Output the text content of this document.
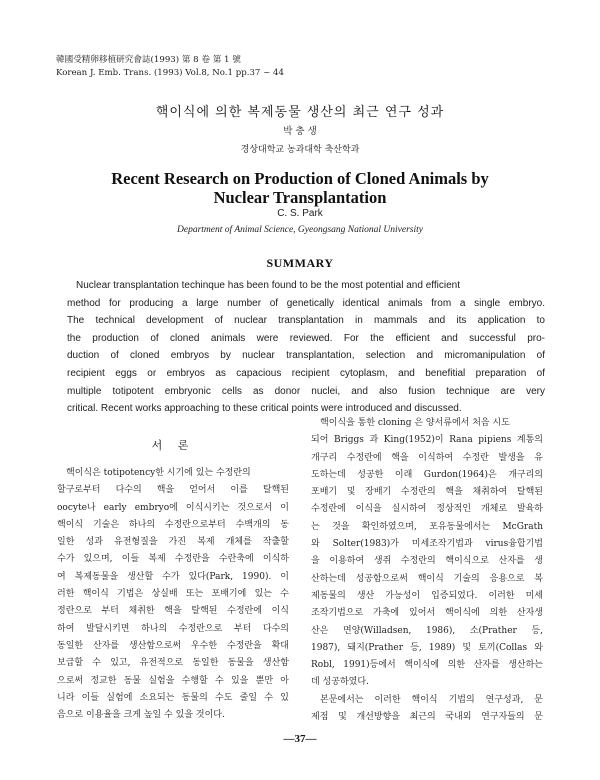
韓國受精卵移植研究會誌(1993) 第 8 卷 第 1 號
Korean J. Emb. Trans. (1993) Vol.8, No.1 pp.37 ~ 44
핵이식에 의한 복제동물 생산의 최근 연구 성과
박 충 생
경상대학교 농과대학 축산학과
Recent Research on Production of Cloned Animals by
Nuclear Transplantation
C. S. Park
Department of Animal Science, Gyeongsang National University
SUMMARY
Nuclear transplantation techinque has been found to be the most potential and efficient
method for producing a large number of genetically identical animals from a single embryo.
The technical development of nuclear transplantation in mammals and its application to
the production of cloned animals were reviewed. For the efficient and successful pro-
duction of cloned embryos by nuclear transplantation, selection and micromanipulation of
recipient eggs or embryos as capacious recipient cytoplasm, and benefitial preparation of
multiple totipotent embryonic cells as donor nuclei, and also fusion technique are very
critical. Recent works approaching to these critical points were introduced and discussed.
서 론
핵이식은 totipotency한 시기에 있는 수정란의
할구로부터 다수의 핵을 얻어서 이를 탈핵된
oocyte나 early embryo에 이식시키는 것으로서 이
핵이식 기술은 하나의 수정란으로부터 수백개의 동
일한 성과 유전형질을 가진 복제 개체를 작출할
수가 있으며, 이들 복제 수정란을 수란축에 이식하
여 복제동물을 생산할 수가 있다(Park, 1990). 이
러한 핵이식 기법은 상실배 또는 포배기에 있는 수
정란으로 부터 채취한 핵을 탈핵된 수정란에 이식
하여 발달시키면 하나의 수정란으로 부터 다수의
동일한 산자를 생산함으로써 우수한 수정란을 확대
보급할 수 있고, 유전적으로 동일한 동물을 생산함
으로써 정교한 동물 실험을 수행할 수 있을 뿐만 아
니라 이들 실험에 소요되는 동물의 수도 줄일 수 있
음으로 이용율을 크게 높일 수 있을 것이다.
핵이식을 통한 cloning 은 양서류에서 처음 시도
되어 Briggs 과 King(1952)이 Rana pipiens 계통의
개구리 수정란에 핵을 이식하여 수정란 발생을 유
도하는데 성공한 이래 Gurdon(1964)은 개구리의
포배기 및 장배기 수정란의 핵을 채취하여 탈핵된
수정란에 이식을 실시하여 정상적인 개체로 발육하
는 것을 확인하였으며, 포유동물에서는 McGrath
와 Solter(1983)가 미세조작기법과 virus융합기법
을 이용하여 생쥐 수정란의 핵이식으로 산자를 생
산하는데 성공함으로써 핵이식 기술의 응용으로 복
제동물의 생산 가능성이 입증되었다. 이러한 미세
조작기법으로 가축에 있어서 핵이식에 의한 산자생
산은 면양(Willadsen, 1986), 소(Prather 등,
1987), 돼지(Prather 등, 1989) 및 토끼(Collas 와
Robl, 1991)등에서 핵이식에 의한 산자를 생산하는
데 성공하였다.
본문에서는 이러한 핵이식 기법의 연구성과, 문
제점 및 개선방향을 최근의 국내외 연구자들의 문
—37—
